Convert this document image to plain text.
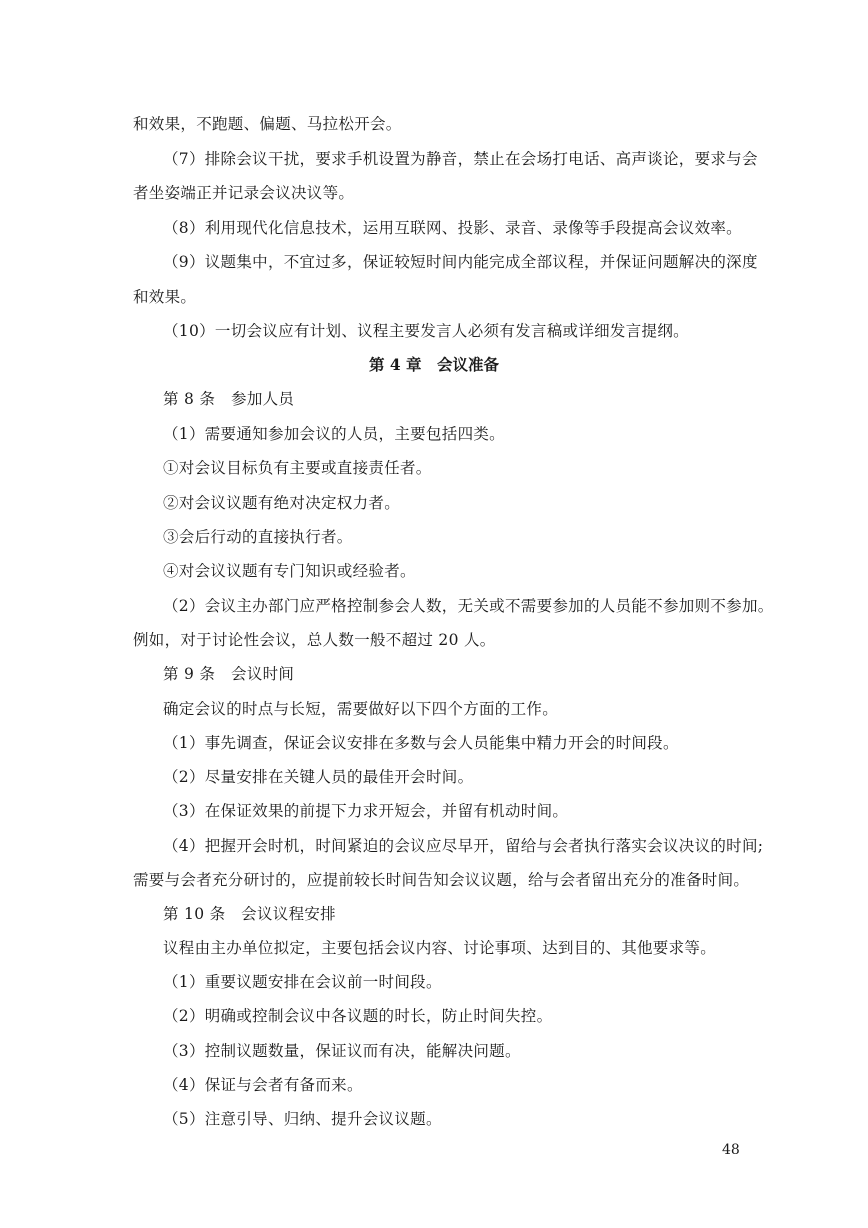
和效果，不跑题、偏题、马拉松开会。
（7）排除会议干扰，要求手机设置为静音，禁止在会场打电话、高声谈论，要求与会
者坐姿端正并记录会议决议等。
（8）利用现代化信息技术，运用互联网、投影、录音、录像等手段提高会议效率。
（9）议题集中，不宜过多，保证较短时间内能完成全部议程，并保证问题解决的深度
和效果。
（10）一切会议应有计划、议程主要发言人必须有发言稿或详细发言提纲。
第 4 章　会议准备
第 8 条　参加人员
（1）需要通知参加会议的人员，主要包括四类。
①对会议目标负有主要或直接责任者。
②对会议议题有绝对决定权力者。
③会后行动的直接执行者。
④对会议议题有专门知识或经验者。
（2）会议主办部门应严格控制参会人数，无关或不需要参加的人员能不参加则不参加。
例如，对于讨论性会议，总人数一般不超过 20 人。
第 9 条　会议时间
确定会议的时点与长短，需要做好以下四个方面的工作。
（1）事先调查，保证会议安排在多数与会人员能集中精力开会的时间段。
（2）尽量安排在关键人员的最佳开会时间。
（3）在保证效果的前提下力求开短会，并留有机动时间。
（4）把握开会时机，时间紧迫的会议应尽早开，留给与会者执行落实会议决议的时间;
需要与会者充分研讨的，应提前较长时间告知会议议题，给与会者留出充分的准备时间。
第 10 条　会议议程安排
议程由主办单位拟定，主要包括会议内容、讨论事项、达到目的、其他要求等。
（1）重要议题安排在会议前一时间段。
（2）明确或控制会议中各议题的时长，防止时间失控。
（3）控制议题数量，保证议而有决，能解决问题。
（4）保证与会者有备而来。
（5）注意引导、归纳、提升会议议题。
48
